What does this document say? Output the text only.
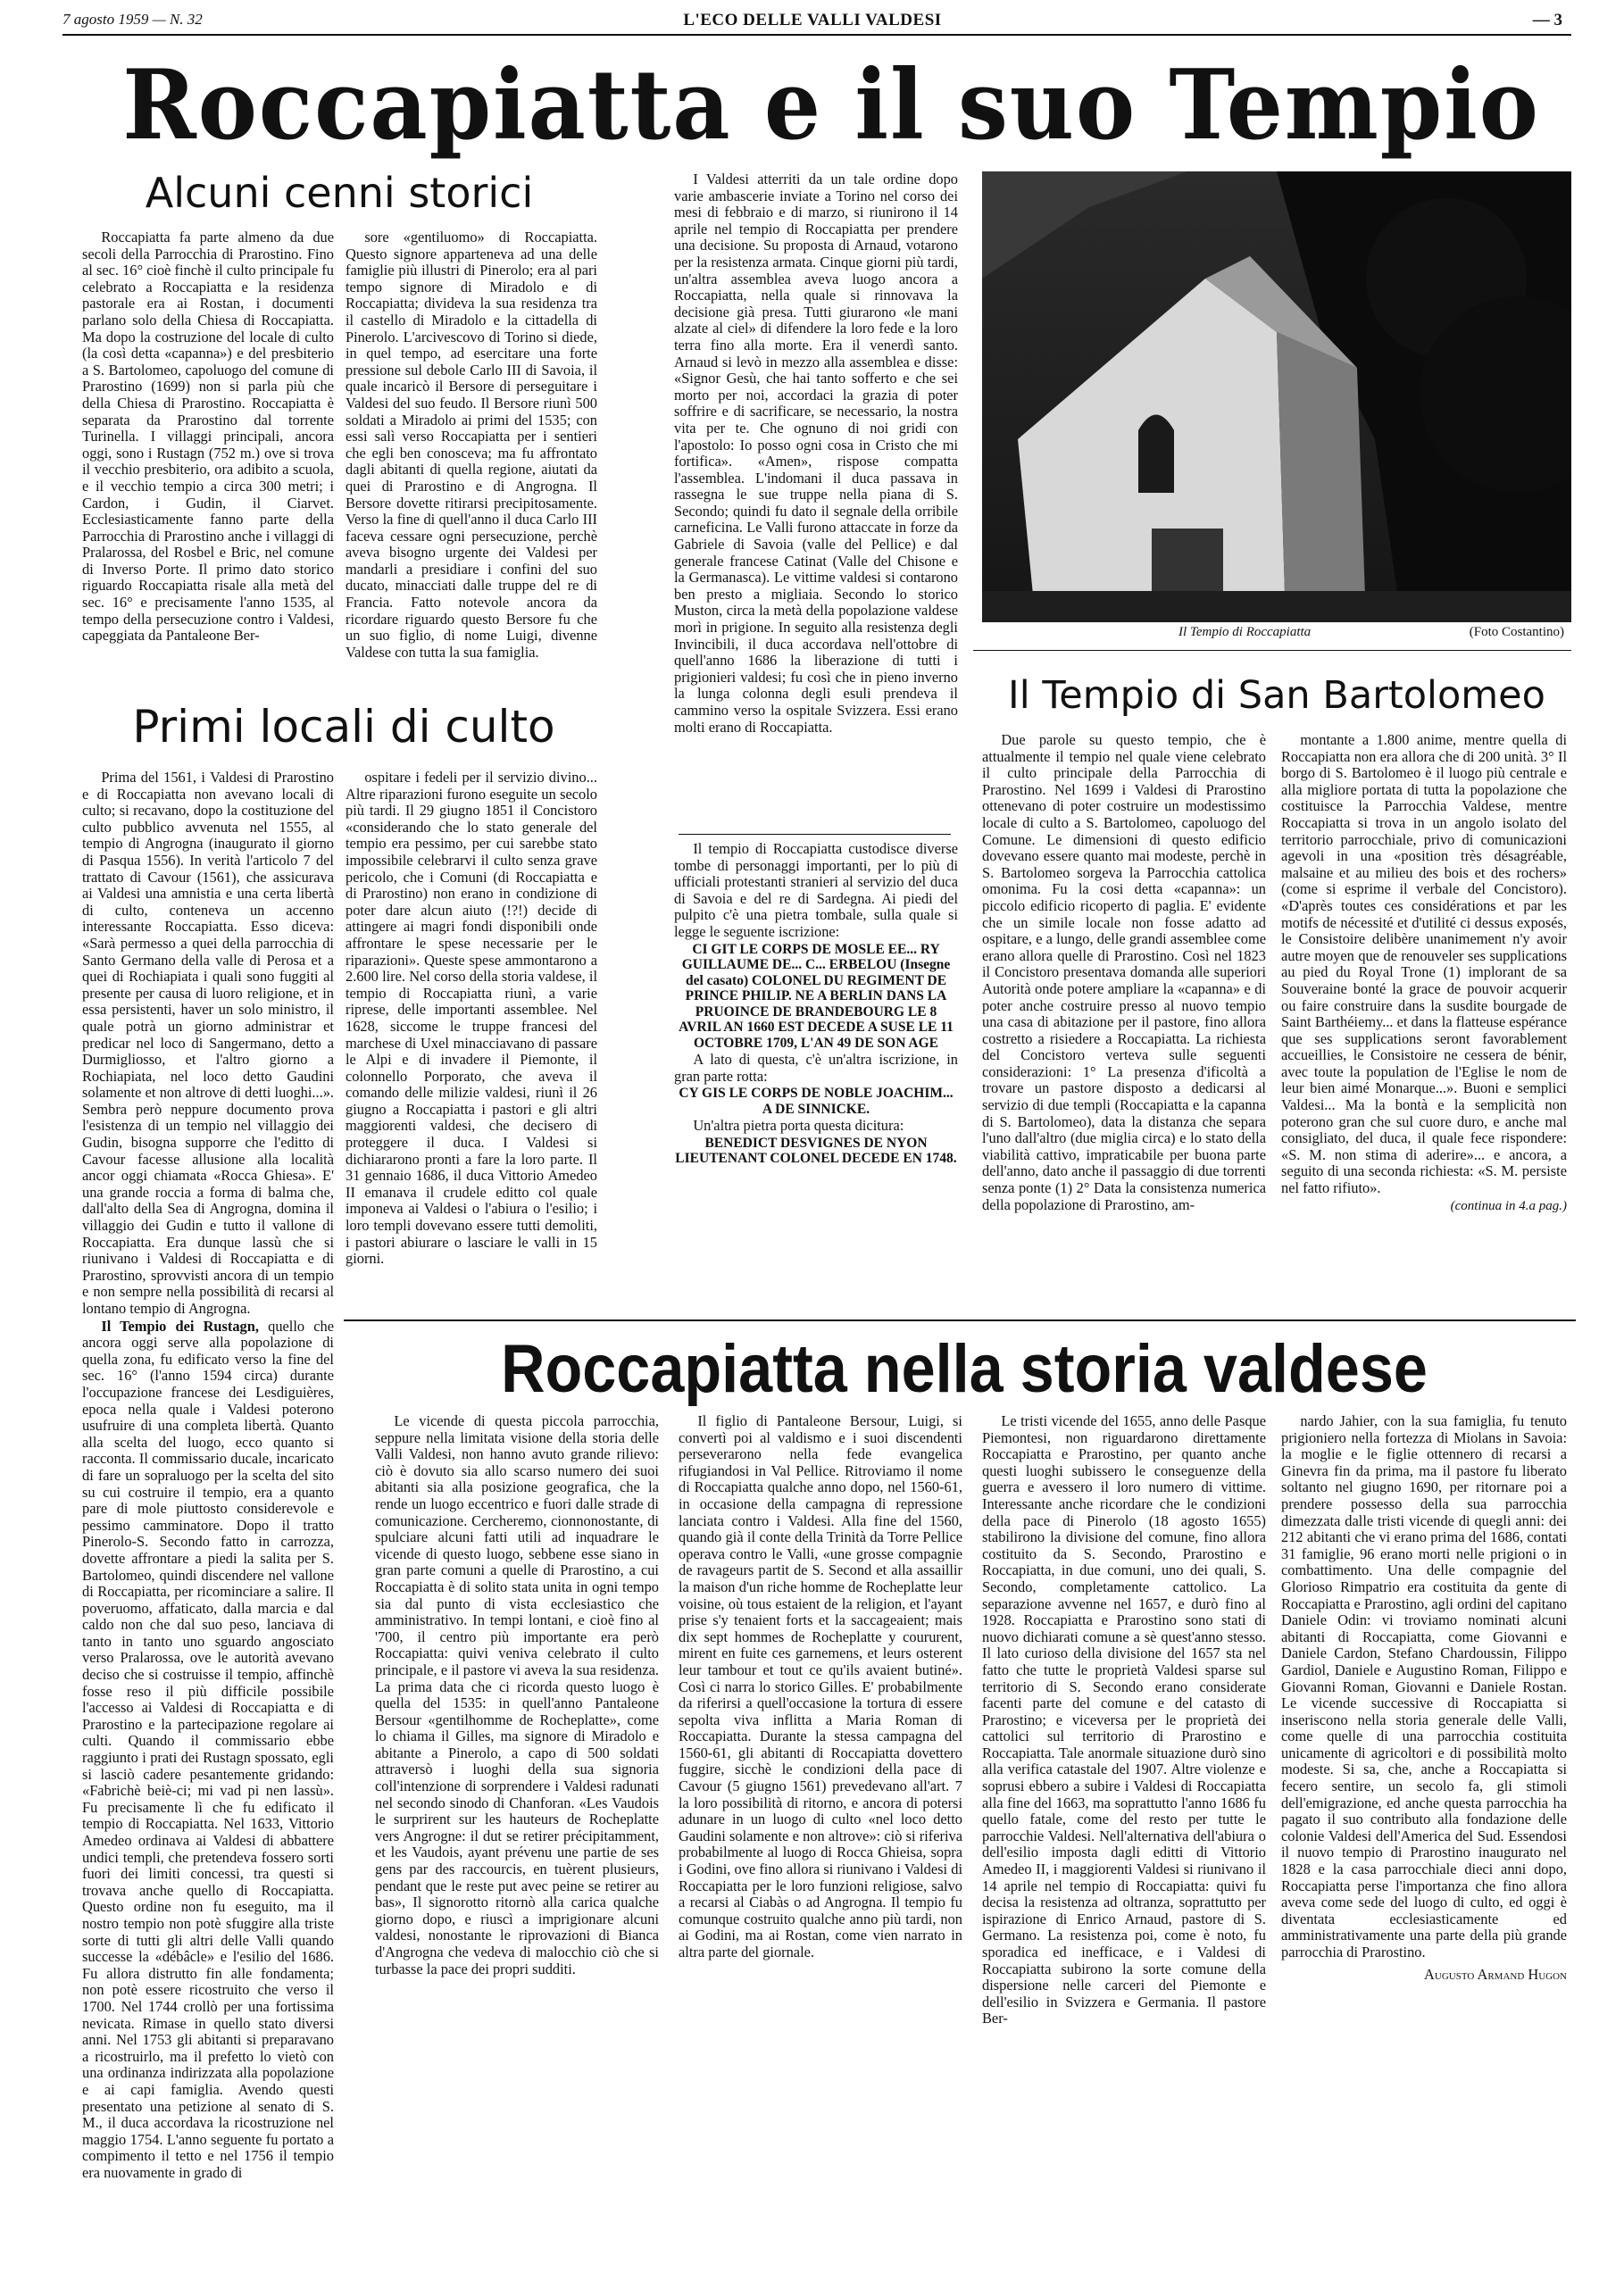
7 agosto 1959 — N. 32	L'ECO DELLE VALLI VALDESI	— 3
Roccapiatta e il suo Tempio
Alcuni cenni storici

Roccapiatta fa parte almeno da due secoli della Parrocchia di Prarostino. Fino al sec. 16° cioè finchè il culto principale fu celebrato a Roccapiatta e la residenza pastorale era ai Rostan, i documenti parlano solo della Chiesa di Roccapiatta. Ma dopo la costruzione del locale di culto (la così detta «capanna») e del presbiterio a S. Bartolomeo, capoluogo del comune di Prarostino (1699) non si parla più che della Chiesa di Prarostino. Roccapiatta è separata da Prarostino dal torrente Turinella. I villaggi principali, ancora oggi, sono i Rustagn (752 m.) ove si trova il vecchio presbiterio, ora adibito a scuola, e il vecchio tempio a circa 300 metri; i Cardon, i Gudin, il Ciarvet. Ecclesiasticamente fanno parte della Parrocchia di Prarostino anche i villaggi di Pralarossa, del Rosbel e Bric, nel comune di Inverso Porte. Il primo dato storico riguardo Roccapiatta risale alla metà del sec. 16° e precisamente l'anno 1535, al tempo della persecuzione contro i Valdesi, capeggiata da Pantaleone Ber-

sore «gentiluomo» di Roccapiatta. Questo signore apparteneva ad una delle famiglie più illustri di Pinerolo; era al pari tempo signore di Miradolo e di Roccapiatta; divideva la sua residenza tra il castello di Miradolo e la cittadella di Pinerolo. L'arcivescovo di Torino si diede, in quel tempo, ad esercitare una forte pressione sul debole Carlo III di Savoia, il quale incaricò il Bersore di perseguitare i Valdesi del suo feudo. Il Bersore riunì 500 soldati a Miradolo ai primi del 1535; con essi salì verso Roccapiatta per i sentieri che egli ben conosceva; ma fu affrontato dagli abitanti di quella regione, aiutati da quei di Prarostino e di Angrogna. Il Bersore dovette ritirarsi precipitosamente. Verso la fine di quell'anno il duca Carlo III faceva cessare ogni persecuzione, perchè aveva bisogno urgente dei Valdesi per mandarli a presidiare i confini del suo ducato, minacciati dalle truppe del re di Francia. Fatto notevole ancora da ricordare riguardo questo Bersore fu che un suo figlio, di nome Luigi, divenne Valdese con tutta la sua famiglia.

Primi locali di culto

Prima del 1561, i Valdesi di Prarostino e di Roccapiatta non avevano locali di culto; si recavano, dopo la costituzione del culto pubblico avvenuta nel 1555, al tempio di Angrogna (inaugurato il giorno di Pasqua 1556). In verità l'articolo 7 del trattato di Cavour (1561), che assicurava ai Valdesi una amnistia e una certa libertà di culto, conteneva un accenno interessante Roccapiatta. Esso diceva: «Sarà permesso a quei della parrocchia di Santo Germano della valle di Perosa et a quei di Rochiapiata i quali sono fuggiti al presente per causa di luoro religione, et in essa persistenti, haver un solo ministro, il quale potrà un giorno administrar et predicar nel loco di Sangermano, detto a Durmigliosso, et l'altro giorno a Rochiapiata, nel loco detto Gaudini solamente et non altrove di detti luoghi...». Sembra però neppure documento prova l'esistenza di un tempio nel villaggio dei Gudin, bisogna supporre che l'editto di Cavour facesse allusione alla località ancor oggi chiamata «Rocca Ghiesa». E' una grande roccia a forma di balma che, dall'alto della Sea di Angrogna, domina il villaggio dei Gudin e tutto il vallone di Roccapiatta. Era dunque lassù che si riunivano i Valdesi di Roccapiatta e di Prarostino, sprovvisti ancora di un tempio e non sempre nella possibilità di recarsi al lontano tempio di Angrogna.

Il Tempio dei Rustagn, quello che ancora oggi serve alla popolazione di quella zona, fu edificato verso la fine del sec. 16° (l'anno 1594 circa) durante l'occupazione francese dei Lesdiguières, epoca nella quale i Valdesi poterono usufruire di una completa libertà. Quanto alla scelta del luogo, ecco quanto si racconta. Il commissario ducale, incaricato di fare un sopraluogo per la scelta del sito su cui costruire il tempio, era a quanto pare di mole piuttosto considerevole e pessimo camminatore. Dopo il tratto Pinerolo-S. Secondo fatto in carrozza, dovette affrontare a piedi la salita per S. Bartolomeo, quindi discendere nel vallone di Roccapiatta, per ricominciare a salire. Il poveruomo, affaticato, dalla marcia e dal caldo non che dal suo peso, lanciava di tanto in tanto uno sguardo angosciato verso Pralarossa, ove le autorità avevano deciso che si costruisse il tempio, affinchè fosse reso il più difficile possibile l'accesso ai Valdesi di Roccapiatta e di Prarostino e la partecipazione regolare ai culti. Quando il commissario ebbe raggiunto i prati dei Rustagn spossato, egli si lasciò cadere pesantemente gridando: «Fabrichè beiè-ci; mi vad pi nen lassù». Fu precisamente lì che fu edificato il tempio di Roccapiatta. Nel 1633, Vittorio Amedeo ordinava ai Valdesi di abbattere undici templi, che pretendeva fossero sorti fuori dei limiti concessi, tra questi si trovava anche quello di Roccapiatta. Questo ordine non fu eseguito, ma il nostro tempio non potè sfuggire alla triste sorte di tutti gli altri delle Valli quando successe la «débâcle» e l'esilio del 1686. Fu allora distrutto fin alle fondamenta; non potè essere ricostruito che verso il 1700. Nel 1744 crollò per una fortissima nevicata. Rimase in quello stato diversi anni. Nel 1753 gli abitanti si preparavano a ricostruirlo, ma il prefetto lo vietò con una ordinanza indirizzata alla popolazione e ai capi famiglia. Avendo questi presentato una petizione al senato di S. M., il duca accordava la ricostruzione nel maggio 1754. L'anno seguente fu portato a compimento il tetto e nel 1756 il tempio era nuovamente in grado di

ospitare i fedeli per il servizio divino... Altre riparazioni furono eseguite un secolo più tardi. Il 29 giugno 1851 il Concistoro «considerando che lo stato generale del tempio era pessimo, per cui sarebbe stato impossibile celebrarvi il culto senza grave pericolo, che i Comuni (di Roccapiatta e di Prarostino) non erano in condizione di poter dare alcun aiuto (!?!) decide di attingere ai magri fondi disponibili onde affrontare le spese necessarie per le riparazioni». Queste spese ammontarono a 2.600 lire. Nel corso della storia valdese, il tempio di Roccapiatta riunì, a varie riprese, delle importanti assemblee. Nel 1628, siccome le truppe francesi del marchese di Uxel minacciavano di passare le Alpi e di invadere il Piemonte, il colonnello Porporato, che aveva il comando delle milizie valdesi, riunì il 26 giugno a Roccapiatta i pastori e gli altri maggiorenti valdesi, che decisero di proteggere il duca. I Valdesi si dichiararono pronti a fare la loro parte. Il 31 gennaio 1686, il duca Vittorio Amedeo II emanava il crudele editto col quale imponeva ai Valdesi o l'abiura o l'esilio; i loro templi dovevano essere tutti demoliti, i pastori abiurare o lasciare le valli in 15 giorni.

I Valdesi atterriti da un tale ordine dopo varie ambascerie inviate a Torino nel corso dei mesi di febbraio e di marzo, si riunirono il 14 aprile nel tempio di Roccapiatta per prendere una decisione. Su proposta di Arnaud, votarono per la resistenza armata. Cinque giorni più tardi, un'altra assemblea aveva luogo ancora a Roccapiatta, nella quale si rinnovava la decisione già presa. Tutti giurarono «le mani alzate al ciel» di difendere la loro fede e la loro terra fino alla morte. Era il venerdì santo. Arnaud si levò in mezzo alla assemblea e disse: «Signor Gesù, che hai tanto sofferto e che sei morto per noi, accordaci la grazia di poter soffrire e di sacrificare, se necessario, la nostra vita per te. Che ognuno di noi gridi con l'apostolo: Io posso ogni cosa in Cristo che mi fortifica». «Amen», rispose compatta l'assemblea. L'indomani il duca passava in rassegna le sue truppe nella piana di S. Secondo; quindi fu dato il segnale della orribile carneficina. Le Valli furono attaccate in forze da Gabriele di Savoia (valle del Pellice) e dal generale francese Catinat (Valle del Chisone e la Germanasca). Le vittime valdesi si contarono ben presto a migliaia. Secondo lo storico Muston, circa la metà della popolazione valdese morì in prigione. In seguito alla resistenza degli Invincibili, il duca accordava nell'ottobre di quell'anno 1686 la liberazione di tutti i prigionieri valdesi; fu così che in pieno inverno la lunga colonna degli esuli prendeva il cammino verso la ospitale Svizzera. Essi erano molti erano di Roccapiatta.

Il tempio di Roccapiatta custodisce diverse tombe di personaggi importanti, per lo più di ufficiali protestanti stranieri al servizio del duca di Savoia e del re di Sardegna. Ai piedi del pulpito c'è una pietra tombale, sulla quale si legge le seguente iscrizione:

CI GIT LE CORPS DE MOSLE EE... RY GUILLAUME DE... C... ERBELOU (Insegne del casato) COLONEL DU REGIMENT DE PRINCE PHILIP. NE A BERLIN DANS LA PRUOINCE DE BRANDEBOURG LE 8 AVRIL AN 1660 EST DECEDE A SUSE LE 11 OCTOBRE 1709, L'AN 49 DE SON AGE

A lato di questa, c'è un'altra iscrizione, in gran parte rotta:

CY GIS LE CORPS DE NOBLE JOACHIM... A DE SINNICKE.

Un'altra pietra porta questa dicitura:

BENEDICT DESVIGNES DE NYON LIEUTENANT COLONEL DECEDE EN 1748.

Il Tempio di Roccapiatta	(Foto Costantino)
Il Tempio di San Bartolomeo

Due parole su questo tempio, che è attualmente il tempio nel quale viene celebrato il culto principale della Parrocchia di Prarostino. Nel 1699 i Valdesi di Prarostino ottenevano di poter costruire un modestissimo locale di culto a S. Bartolomeo, capoluogo del Comune. Le dimensioni di questo edificio dovevano essere quanto mai modeste, perchè in S. Bartolomeo sorgeva la Parrocchia cattolica omonima. Fu la cosi detta «capanna»: un piccolo edificio ricoperto di paglia. E' evidente che un simile locale non fosse adatto ad ospitare, e a lungo, delle grandi assemblee come erano allora quelle di Prarostino. Così nel 1823 il Concistoro presentava domanda alle superiori Autorità onde potere ampliare la «capanna» e di poter anche costruire presso al nuovo tempio una casa di abitazione per il pastore, fino allora costretto a risiedere a Roccapiatta. La richiesta del Concistoro verteva sulle seguenti considerazioni: 1° La presenza d'ificoltà a trovare un pastore disposto a dedicarsi al servizio di due templi (Roccapiatta e la capanna di S. Bartolomeo), data la distanza che separa l'uno dall'altro (due miglia circa) e lo stato della viabilità cattivo, impraticabile per buona parte dell'anno, dato anche il passaggio di due torrenti senza ponte (1) 2° Data la consistenza numerica della popolazione di Prarostino, am-

montante a 1.800 anime, mentre quella di Roccapiatta non era allora che di 200 unità. 3° Il borgo di S. Bartolomeo è il luogo più centrale e alla migliore portata di tutta la popolazione che costituisce la Parrocchia Valdese, mentre Roccapiatta si trova in un angolo isolato del territorio parrocchiale, privo di comunicazioni agevoli in una «position très désagréable, malsaine et au milieu des bois et des rochers» (come si esprime il verbale del Concistoro). «D'après toutes ces considérations et par les motifs de nécessité et d'utilité ci dessus exposés, le Consistoire delibère unanimement n'y avoir autre moyen que de renouveler ses supplications au pied du Royal Trone (1) implorant de sa Souveraine bonté la grace de pouvoir acquerir ou faire construire dans la susdite bourgade de Saint Barthéiemy... et dans la flatteuse espérance que ses supplications seront favorablement accueillies, le Consistoire ne cessera de bénir, avec toute la population de l'Eglise le nom de leur bien aimé Monarque...». Buoni e semplici Valdesi... Ma la bontà e la semplicità non poterono gran che sul cuore duro, e anche mal consigliato, del duca, il quale fece rispondere: «S. M. non stima di aderire»... e ancora, a seguito di una seconda richiesta: «S. M. persiste nel fatto rifiuto».

(continua in 4.a pag.)

Roccapiatta nella storia valdese

Le vicende di questa piccola parrocchia, seppure nella limitata visione della storia delle Valli Valdesi, non hanno avuto grande rilievo: ciò è dovuto sia allo scarso numero dei suoi abitanti sia alla posizione geografica, che la rende un luogo eccentrico e fuori dalle strade di comunicazione. Cercheremo, cionnonostante, di spulciare alcuni fatti utili ad inquadrare le vicende di questo luogo, sebbene esse siano in gran parte comuni a quelle di Prarostino, a cui Roccapiatta è di solito stata unita in ogni tempo sia dal punto di vista ecclesiastico che amministrativo. In tempi lontani, e cioè fino al '700, il centro più importante era però Roccapiatta: quivi veniva celebrato il culto principale, e il pastore vi aveva la sua residenza. La prima data che ci ricorda questo luogo è quella del 1535: in quell'anno Pantaleone Bersour «gentilhomme de Rocheplatte», come lo chiama il Gilles, ma signore di Miradolo e abitante a Pinerolo, a capo di 500 soldati attraversò i luoghi della sua signoria coll'intenzione di sorprendere i Valdesi radunati nel secondo sinodo di Chanforan. «Les Vaudois le surprirent sur les hauteurs de Rocheplatte vers Angrogne: il dut se retirer précipitamment, et les Vaudois, ayant prévenu une partie de ses gens par des raccourcis, en tuèrent plusieurs, pendant que le reste put avec peine se retirer au bas», Il signorotto ritornò alla carica qualche giorno dopo, e riuscì a imprigionare alcuni valdesi, nonostante le riprovazioni di Bianca d'Angrogna che vedeva di malocchio ciò che si turbasse la pace dei propri sudditi.

Il figlio di Pantaleone Bersour, Luigi, si convertì poi al valdismo e i suoi discendenti perseverarono nella fede evangelica rifugiandosi in Val Pellice. Ritroviamo il nome di Roccapiatta qualche anno dopo, nel 1560-61, in occasione della campagna di repressione lanciata contro i Valdesi. Alla fine del 1560, quando già il conte della Trinità da Torre Pellice operava contro le Valli, «une grosse compagnie de ravageurs partit de S. Second et alla assaillir la maison d'un riche homme de Rocheplatte leur voisine, où tous estaient de la religion, et l'ayant prise s'y tenaient forts et la saccageaient; mais dix sept hommes de Rocheplatte y coururent, mirent en fuite ces garnemens, et leurs osterent leur tambour et tout ce qu'ils avaient butiné». Così ci narra lo storico Gilles. E' probabilmente da riferirsi a quell'occasione la tortura di essere sepolta viva inflitta a Maria Roman di Roccapiatta. Durante la stessa campagna del 1560-61, gli abitanti di Roccapiatta dovettero fuggire, sicchè le condizioni della pace di Cavour (5 giugno 1561) prevedevano all'art. 7 la loro possibilità di ritorno, e ancora di potersi adunare in un luogo di culto «nel loco detto Gaudini solamente e non altrove»: ciò si riferiva probabilmente al luogo di Rocca Ghieisa, sopra i Godini, ove fino allora si riunivano i Valdesi di Roccapiatta per le loro funzioni religiose, salvo a recarsi al Ciabàs o ad Angrogna. Il tempio fu comunque costruito qualche anno più tardi, non ai Godini, ma ai Rostan, come vien narrato in altra parte del giornale.

Le tristi vicende del 1655, anno delle Pasque Piemontesi, non riguardarono direttamente Roccapiatta e Prarostino, per quanto anche questi luoghi subissero le conseguenze della guerra e avessero il loro numero di vittime. Interessante anche ricordare che le condizioni della pace di Pinerolo (18 agosto 1655) stabilirono la divisione del comune, fino allora costituito da S. Secondo, Prarostino e Roccapiatta, in due comuni, uno dei quali, S. Secondo, completamente cattolico. La separazione avvenne nel 1657, e durò fino al 1928. Roccapiatta e Prarostino sono stati di nuovo dichiarati comune a sè quest'anno stesso. Il lato curioso della divisione del 1657 sta nel fatto che tutte le proprietà Valdesi sparse sul territorio di S. Secondo erano considerate facenti parte del comune e del catasto di Prarostino; e viceversa per le proprietà dei cattolici sul territorio di Prarostino e Roccapiatta. Tale anormale situazione durò sino alla verifica catastale del 1907. Altre violenze e soprusi ebbero a subire i Valdesi di Roccapiatta alla fine del 1663, ma soprattutto l'anno 1686 fu quello fatale, come del resto per tutte le parrocchie Valdesi. Nell'alternativa dell'abiura o dell'esilio imposta dagli editti di Vittorio Amedeo II, i maggiorenti Valdesi si riunivano il 14 aprile nel tempio di Roccapiatta: quivi fu decisa la resistenza ad oltranza, soprattutto per ispirazione di Enrico Arnaud, pastore di S. Germano. La resistenza poi, come è noto, fu sporadica ed inefficace, e i Valdesi di Roccapiatta subirono la sorte comune della dispersione nelle carceri del Piemonte e dell'esilio in Svizzera e Germania. Il pastore Ber-

nardo Jahier, con la sua famiglia, fu tenuto prigioniero nella fortezza di Miolans in Savoia: la moglie e le figlie ottennero di recarsi a Ginevra fin da prima, ma il pastore fu liberato soltanto nel giugno 1690, per ritornare poi a prendere possesso della sua parrocchia dimezzata dalle tristi vicende di quegli anni: dei 212 abitanti che vi erano prima del 1686, contati 31 famiglie, 96 erano morti nelle prigioni o in combattimento. Una delle compagnie del Glorioso Rimpatrio era costituita da gente di Roccapiatta e Prarostino, agli ordini del capitano Daniele Odin: vi troviamo nominati alcuni abitanti di Roccapiatta, come Giovanni e Daniele Cardon, Stefano Chardoussin, Filippo Gardiol, Daniele e Augustino Roman, Filippo e Giovanni Roman, Giovanni e Daniele Rostan. Le vicende successive di Roccapiatta si inseriscono nella storia generale delle Valli, come quelle di una parrocchia costituita unicamente di agricoltori e di possibilità molto modeste. Si sa, che, anche a Roccapiatta si fecero sentire, un secolo fa, gli stimoli dell'emigrazione, ed anche questa parrocchia ha pagato il suo contributo alla fondazione delle colonie Valdesi dell'America del Sud. Essendosi il nuovo tempio di Prarostino inaugurato nel 1828 e la casa parrocchiale dieci anni dopo, Roccapiatta perse l'importanza che fino allora aveva come sede del luogo di culto, ed oggi è diventata ecclesiasticamente ed amministrativamente una parte della più grande parrocchia di Prarostino.

Augusto Armand Hugon
